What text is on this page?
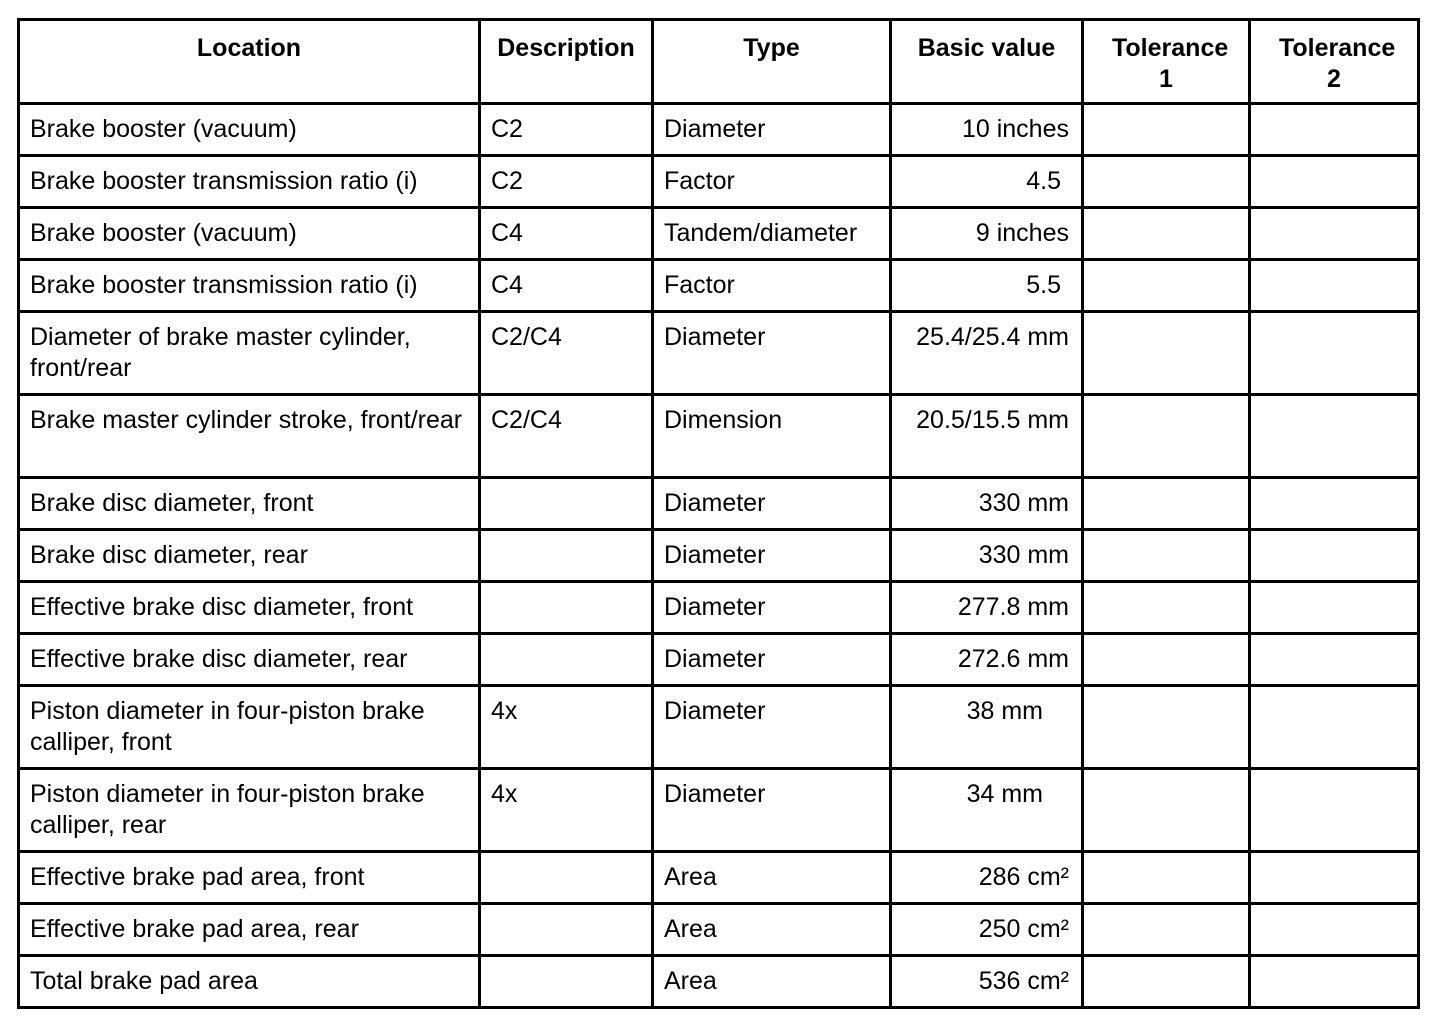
Location	Description	Type	Basic value	Tolerance 1	Tolerance 2
Brake booster (vacuum)	C2	Diameter	10 inches		
Brake booster transmission ratio (i)	C2	Factor	4.5		
Brake booster (vacuum)	C4	Tandem/diameter	9 inches		
Brake booster transmission ratio (i)	C4	Factor	5.5		
Diameter of brake master cylinder, front/rear	C2/C4	Diameter	25.4/25.4 mm		
Brake master cylinder stroke, front/rear	C2/C4	Dimension	20.5/15.5 mm		
Brake disc diameter, front		Diameter	330 mm		
Brake disc diameter, rear		Diameter	330 mm		
Effective brake disc diameter, front		Diameter	277.8 mm		
Effective brake disc diameter, rear		Diameter	272.6 mm		
Piston diameter in four-piston brake calliper, front	4x	Diameter	38 mm		
Piston diameter in four-piston brake calliper, rear	4x	Diameter	34 mm		
Effective brake pad area, front		Area	286 cm²		
Effective brake pad area, rear		Area	250 cm²		
Total brake pad area		Area	536 cm²		
